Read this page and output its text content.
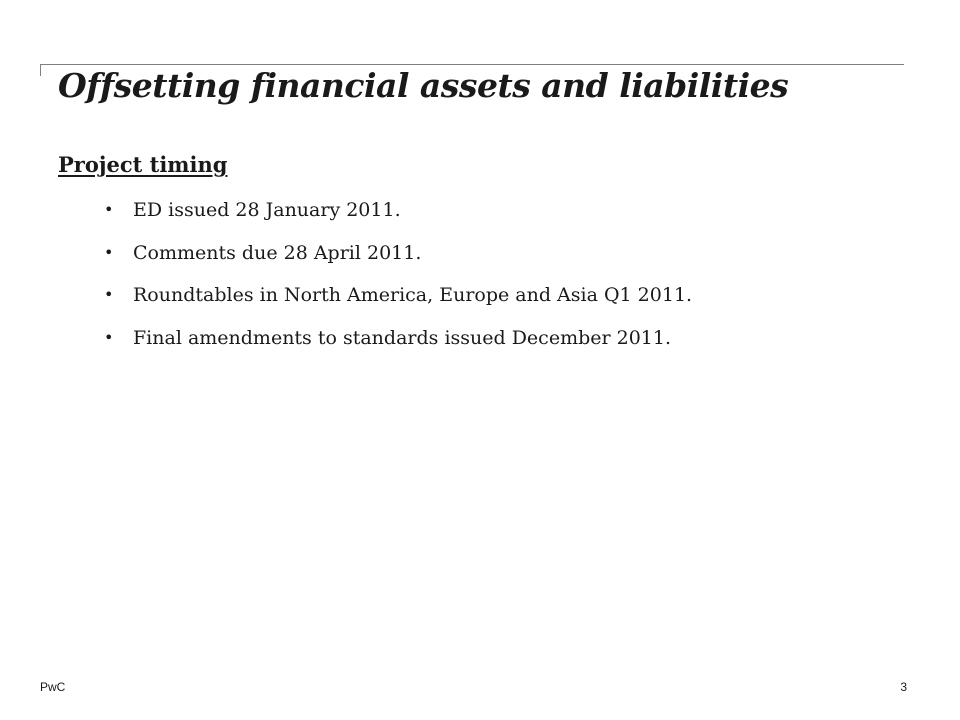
Offsetting financial assets and liabilities
Project timing
• ED issued 28 January 2011.
• Comments due 28 April 2011.
• Roundtables in North America, Europe and Asia Q1 2011.
• Final amendments to standards issued December 2011.
PwC	3
